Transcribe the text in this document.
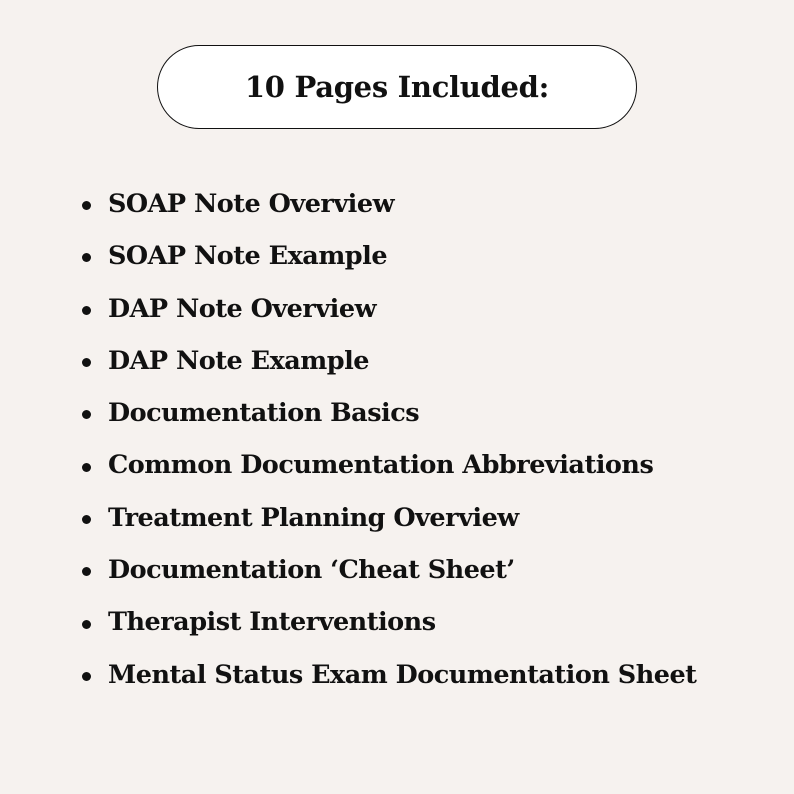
10 Pages Included:
SOAP Note Overview
SOAP Note Example
DAP Note Overview
DAP Note Example
Documentation Basics
Common Documentation Abbreviations
Treatment Planning Overview
Documentation ‘Cheat Sheet’
Therapist Interventions
Mental Status Exam Documentation Sheet
